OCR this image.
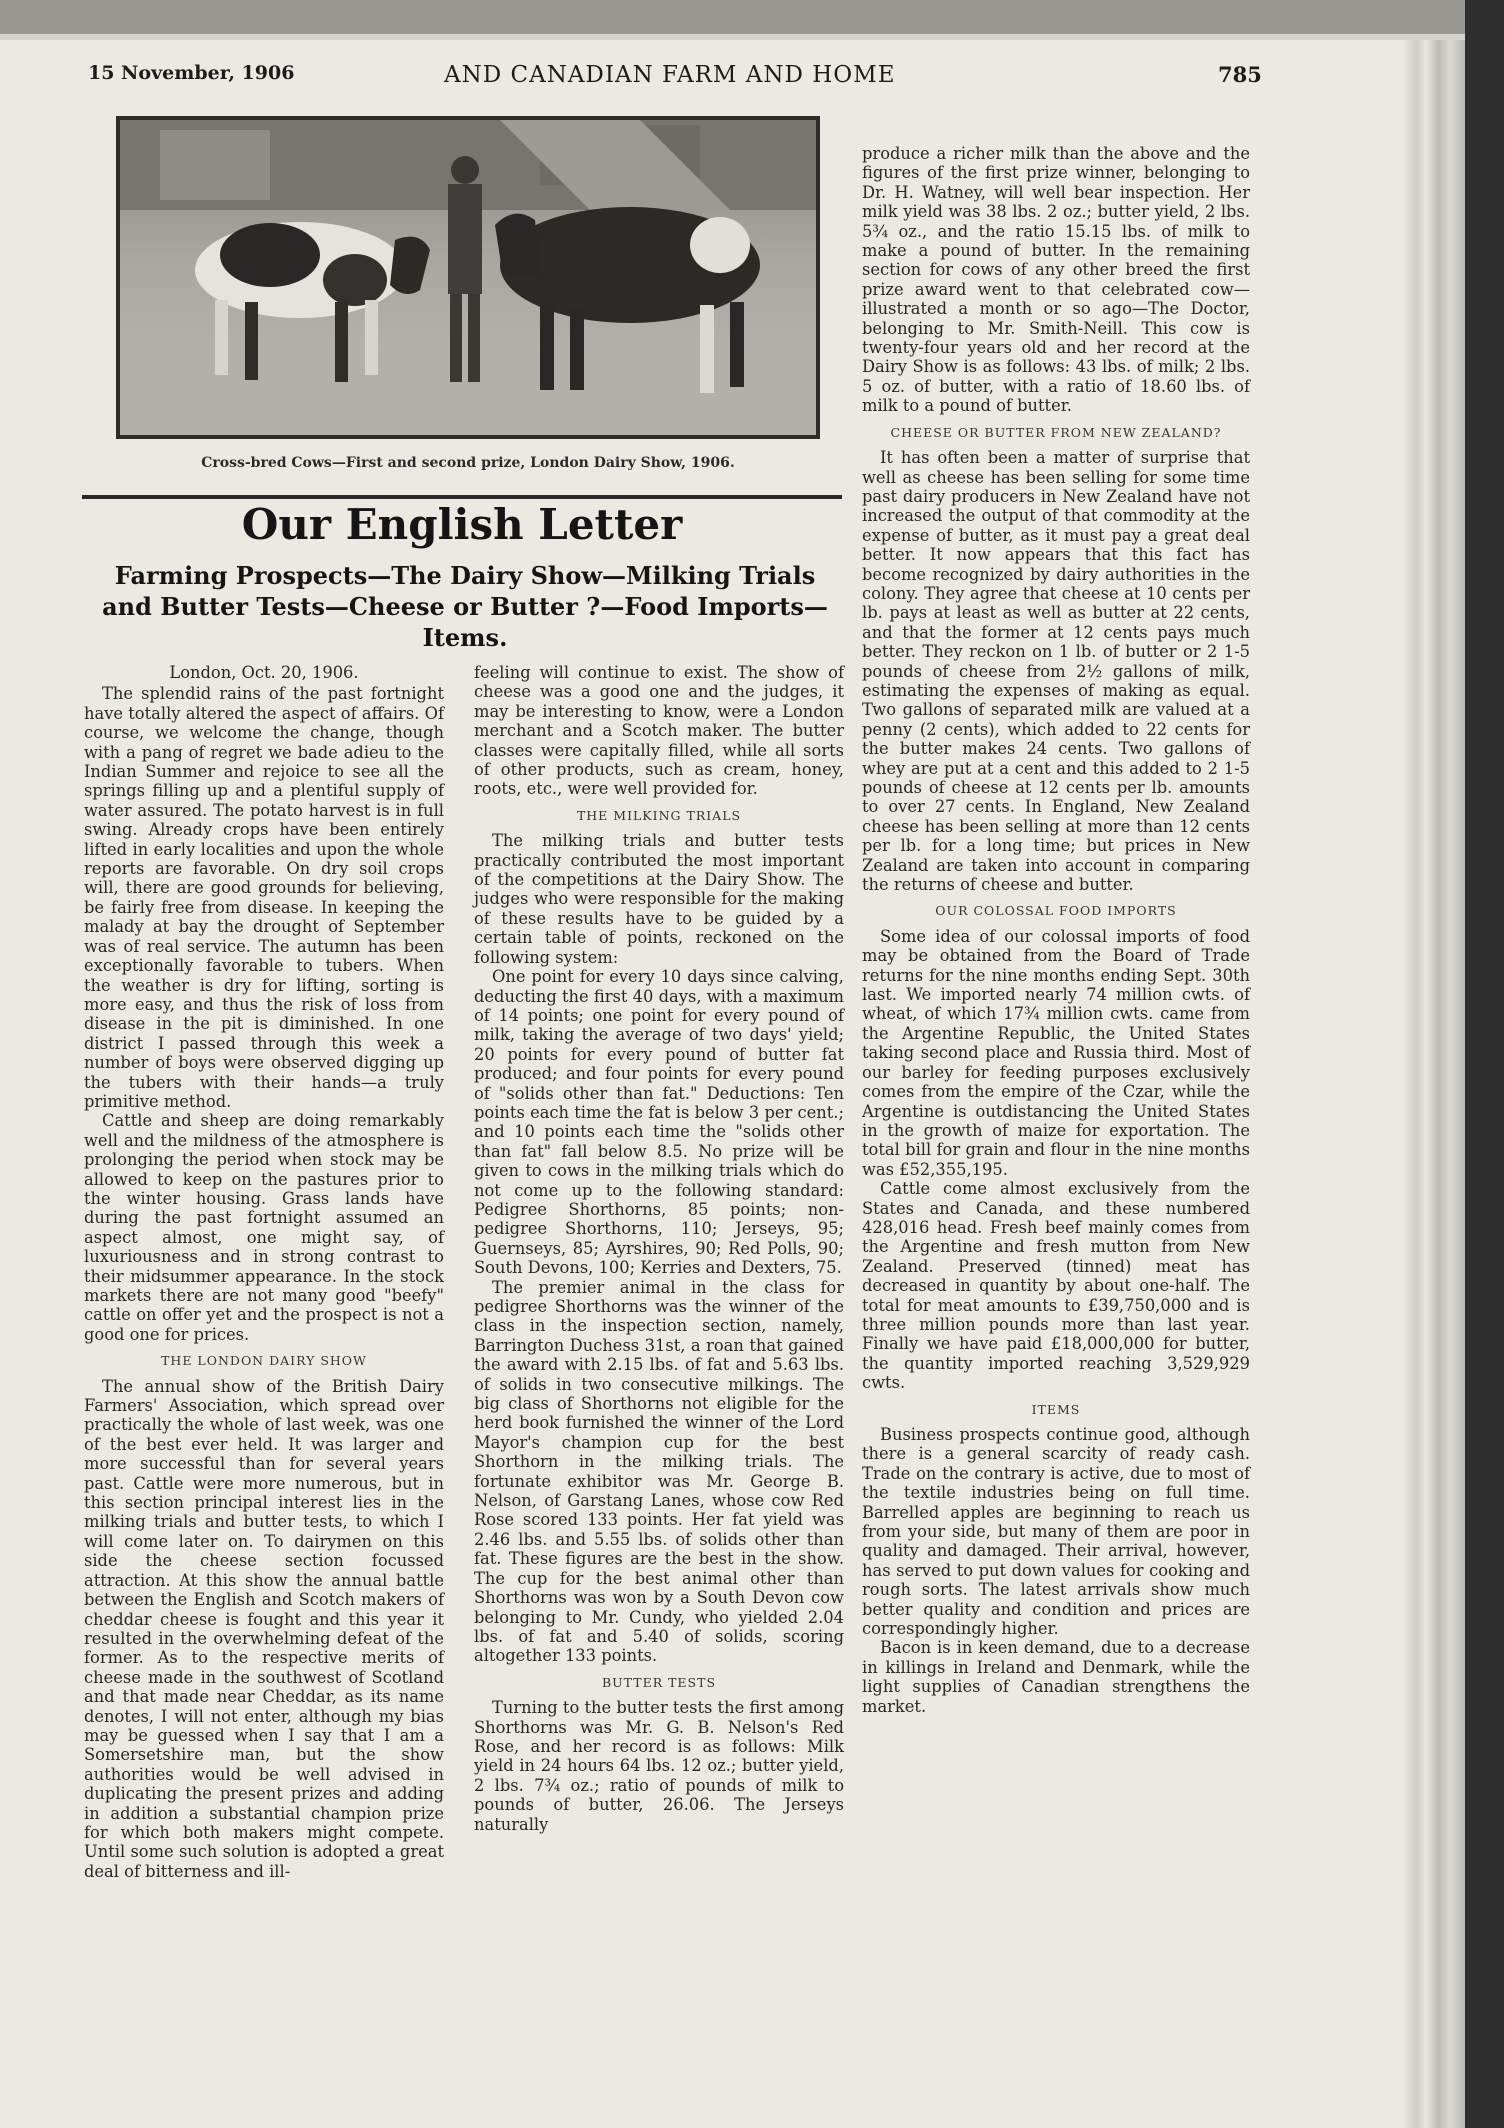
15 November, 1906	AND CANADIAN FARM AND HOME	785
Cross-bred Cows—First and second prize, London Dairy Show, 1906.
Our English Letter
Farming Prospects—The Dairy Show—Milking Trials and Butter Tests—Cheese or Butter ?—Food Imports—Items.

London, Oct. 20, 1906.

The splendid rains of the past fortnight have totally altered the aspect of affairs. Of course, we welcome the change, though with a pang of regret we bade adieu to the Indian Summer and rejoice to see all the springs filling up and a plentiful supply of water assured. The potato harvest is in full swing. Already crops have been entirely lifted in early localities and upon the whole reports are favorable. On dry soil crops will, there are good grounds for believing, be fairly free from disease. In keeping the malady at bay the drought of September was of real service. The autumn has been exceptionally favorable to tubers. When the weather is dry for lifting, sorting is more easy, and thus the risk of loss from disease in the pit is diminished. In one district I passed through this week a number of boys were observed digging up the tubers with their hands—a truly primitive method.

Cattle and sheep are doing remarkably well and the mildness of the atmosphere is prolonging the period when stock may be allowed to keep on the pastures prior to the winter housing. Grass lands have during the past fortnight assumed an aspect almost, one might say, of luxuriousness and in strong contrast to their midsummer appearance. In the stock markets there are not many good "beefy" cattle on offer yet and the prospect is not a good one for prices.

THE LONDON DAIRY SHOW

The annual show of the British Dairy Farmers' Association, which spread over practically the whole of last week, was one of the best ever held. It was larger and more successful than for several years past. Cattle were more numerous, but in this section principal interest lies in the milking trials and butter tests, to which I will come later on. To dairymen on this side the cheese section focussed attraction. At this show the annual battle between the English and Scotch makers of cheddar cheese is fought and this year it resulted in the overwhelming defeat of the former. As to the respective merits of cheese made in the southwest of Scotland and that made near Cheddar, as its name denotes, I will not enter, although my bias may be guessed when I say that I am a Somersetshire man, but the show authorities would be well advised in duplicating the present prizes and adding in addition a substantial champion prize for which both makers might compete. Until some such solution is adopted a great deal of bitterness and ill-

feeling will continue to exist. The show of cheese was a good one and the judges, it may be interesting to know, were a London merchant and a Scotch maker. The butter classes were capitally filled, while all sorts of other products, such as cream, honey, roots, etc., were well provided for.

THE MILKING TRIALS

The milking trials and butter tests practically contributed the most important of the competitions at the Dairy Show. The judges who were responsible for the making of these results have to be guided by a certain table of points, reckoned on the following system:

One point for every 10 days since calving, deducting the first 40 days, with a maximum of 14 points; one point for every pound of milk, taking the average of two days' yield; 20 points for every pound of butter fat produced; and four points for every pound of "solids other than fat." Deductions: Ten points each time the fat is below 3 per cent.; and 10 points each time the "solids other than fat" fall below 8.5. No prize will be given to cows in the milking trials which do not come up to the following standard: Pedigree Shorthorns, 85 points; non-pedigree Shorthorns, 110; Jerseys, 95; Guernseys, 85; Ayrshires, 90; Red Polls, 90; South Devons, 100; Kerries and Dexters, 75.

The premier animal in the class for pedigree Shorthorns was the winner of the class in the inspection section, namely, Barrington Duchess 31st, a roan that gained the award with 2.15 lbs. of fat and 5.63 lbs. of solids in two consecutive milkings. The big class of Shorthorns not eligible for the herd book furnished the winner of the Lord Mayor's champion cup for the best Shorthorn in the milking trials. The fortunate exhibitor was Mr. George B. Nelson, of Garstang Lanes, whose cow Red Rose scored 133 points. Her fat yield was 2.46 lbs. and 5.55 lbs. of solids other than fat. These figures are the best in the show. The cup for the best animal other than Shorthorns was won by a South Devon cow belonging to Mr. Cundy, who yielded 2.04 lbs. of fat and 5.40 of solids, scoring altogether 133 points.

BUTTER TESTS

Turning to the butter tests the first among Shorthorns was Mr. G. B. Nelson's Red Rose, and her record is as follows: Milk yield in 24 hours 64 lbs. 12 oz.; butter yield, 2 lbs. 7¾ oz.; ratio of pounds of milk to pounds of butter, 26.06. The Jerseys naturally

produce a richer milk than the above and the figures of the first prize winner, belonging to Dr. H. Watney, will well bear inspection. Her milk yield was 38 lbs. 2 oz.; butter yield, 2 lbs. 5¾ oz., and the ratio 15.15 lbs. of milk to make a pound of butter. In the remaining section for cows of any other breed the first prize award went to that celebrated cow—illustrated a month or so ago—The Doctor, belonging to Mr. Smith-Neill. This cow is twenty-four years old and her record at the Dairy Show is as follows: 43 lbs. of milk; 2 lbs. 5 oz. of butter, with a ratio of 18.60 lbs. of milk to a pound of butter.

CHEESE OR BUTTER FROM NEW ZEALAND?

It has often been a matter of surprise that well as cheese has been selling for some time past dairy producers in New Zealand have not increased the output of that commodity at the expense of butter, as it must pay a great deal better. It now appears that this fact has become recognized by dairy authorities in the colony. They agree that cheese at 10 cents per lb. pays at least as well as butter at 22 cents, and that the former at 12 cents pays much better. They reckon on 1 lb. of butter or 2 1-5 pounds of cheese from 2½ gallons of milk, estimating the expenses of making as equal. Two gallons of separated milk are valued at a penny (2 cents), which added to 22 cents for the butter makes 24 cents. Two gallons of whey are put at a cent and this added to 2 1-5 pounds of cheese at 12 cents per lb. amounts to over 27 cents. In England, New Zealand cheese has been selling at more than 12 cents per lb. for a long time; but prices in New Zealand are taken into account in comparing the returns of cheese and butter.

OUR COLOSSAL FOOD IMPORTS

Some idea of our colossal imports of food may be obtained from the Board of Trade returns for the nine months ending Sept. 30th last. We imported nearly 74 million cwts. of wheat, of which 17¾ million cwts. came from the Argentine Republic, the United States taking second place and Russia third. Most of our barley for feeding purposes exclusively comes from the empire of the Czar, while the Argentine is outdistancing the United States in the growth of maize for exportation. The total bill for grain and flour in the nine months was £52,355,195.

Cattle come almost exclusively from the States and Canada, and these numbered 428,016 head. Fresh beef mainly comes from the Argentine and fresh mutton from New Zealand. Preserved (tinned) meat has decreased in quantity by about one-half. The total for meat amounts to £39,750,000 and is three million pounds more than last year. Finally we have paid £18,000,000 for butter, the quantity imported reaching 3,529,929 cwts.

ITEMS

Business prospects continue good, although there is a general scarcity of ready cash. Trade on the contrary is active, due to most of the textile industries being on full time. Barrelled apples are beginning to reach us from your side, but many of them are poor in quality and damaged. Their arrival, however, has served to put down values for cooking and rough sorts. The latest arrivals show much better quality and condition and prices are correspondingly higher.

Bacon is in keen demand, due to a decrease in killings in Ireland and Denmark, while the light supplies of Canadian strengthens the market.
